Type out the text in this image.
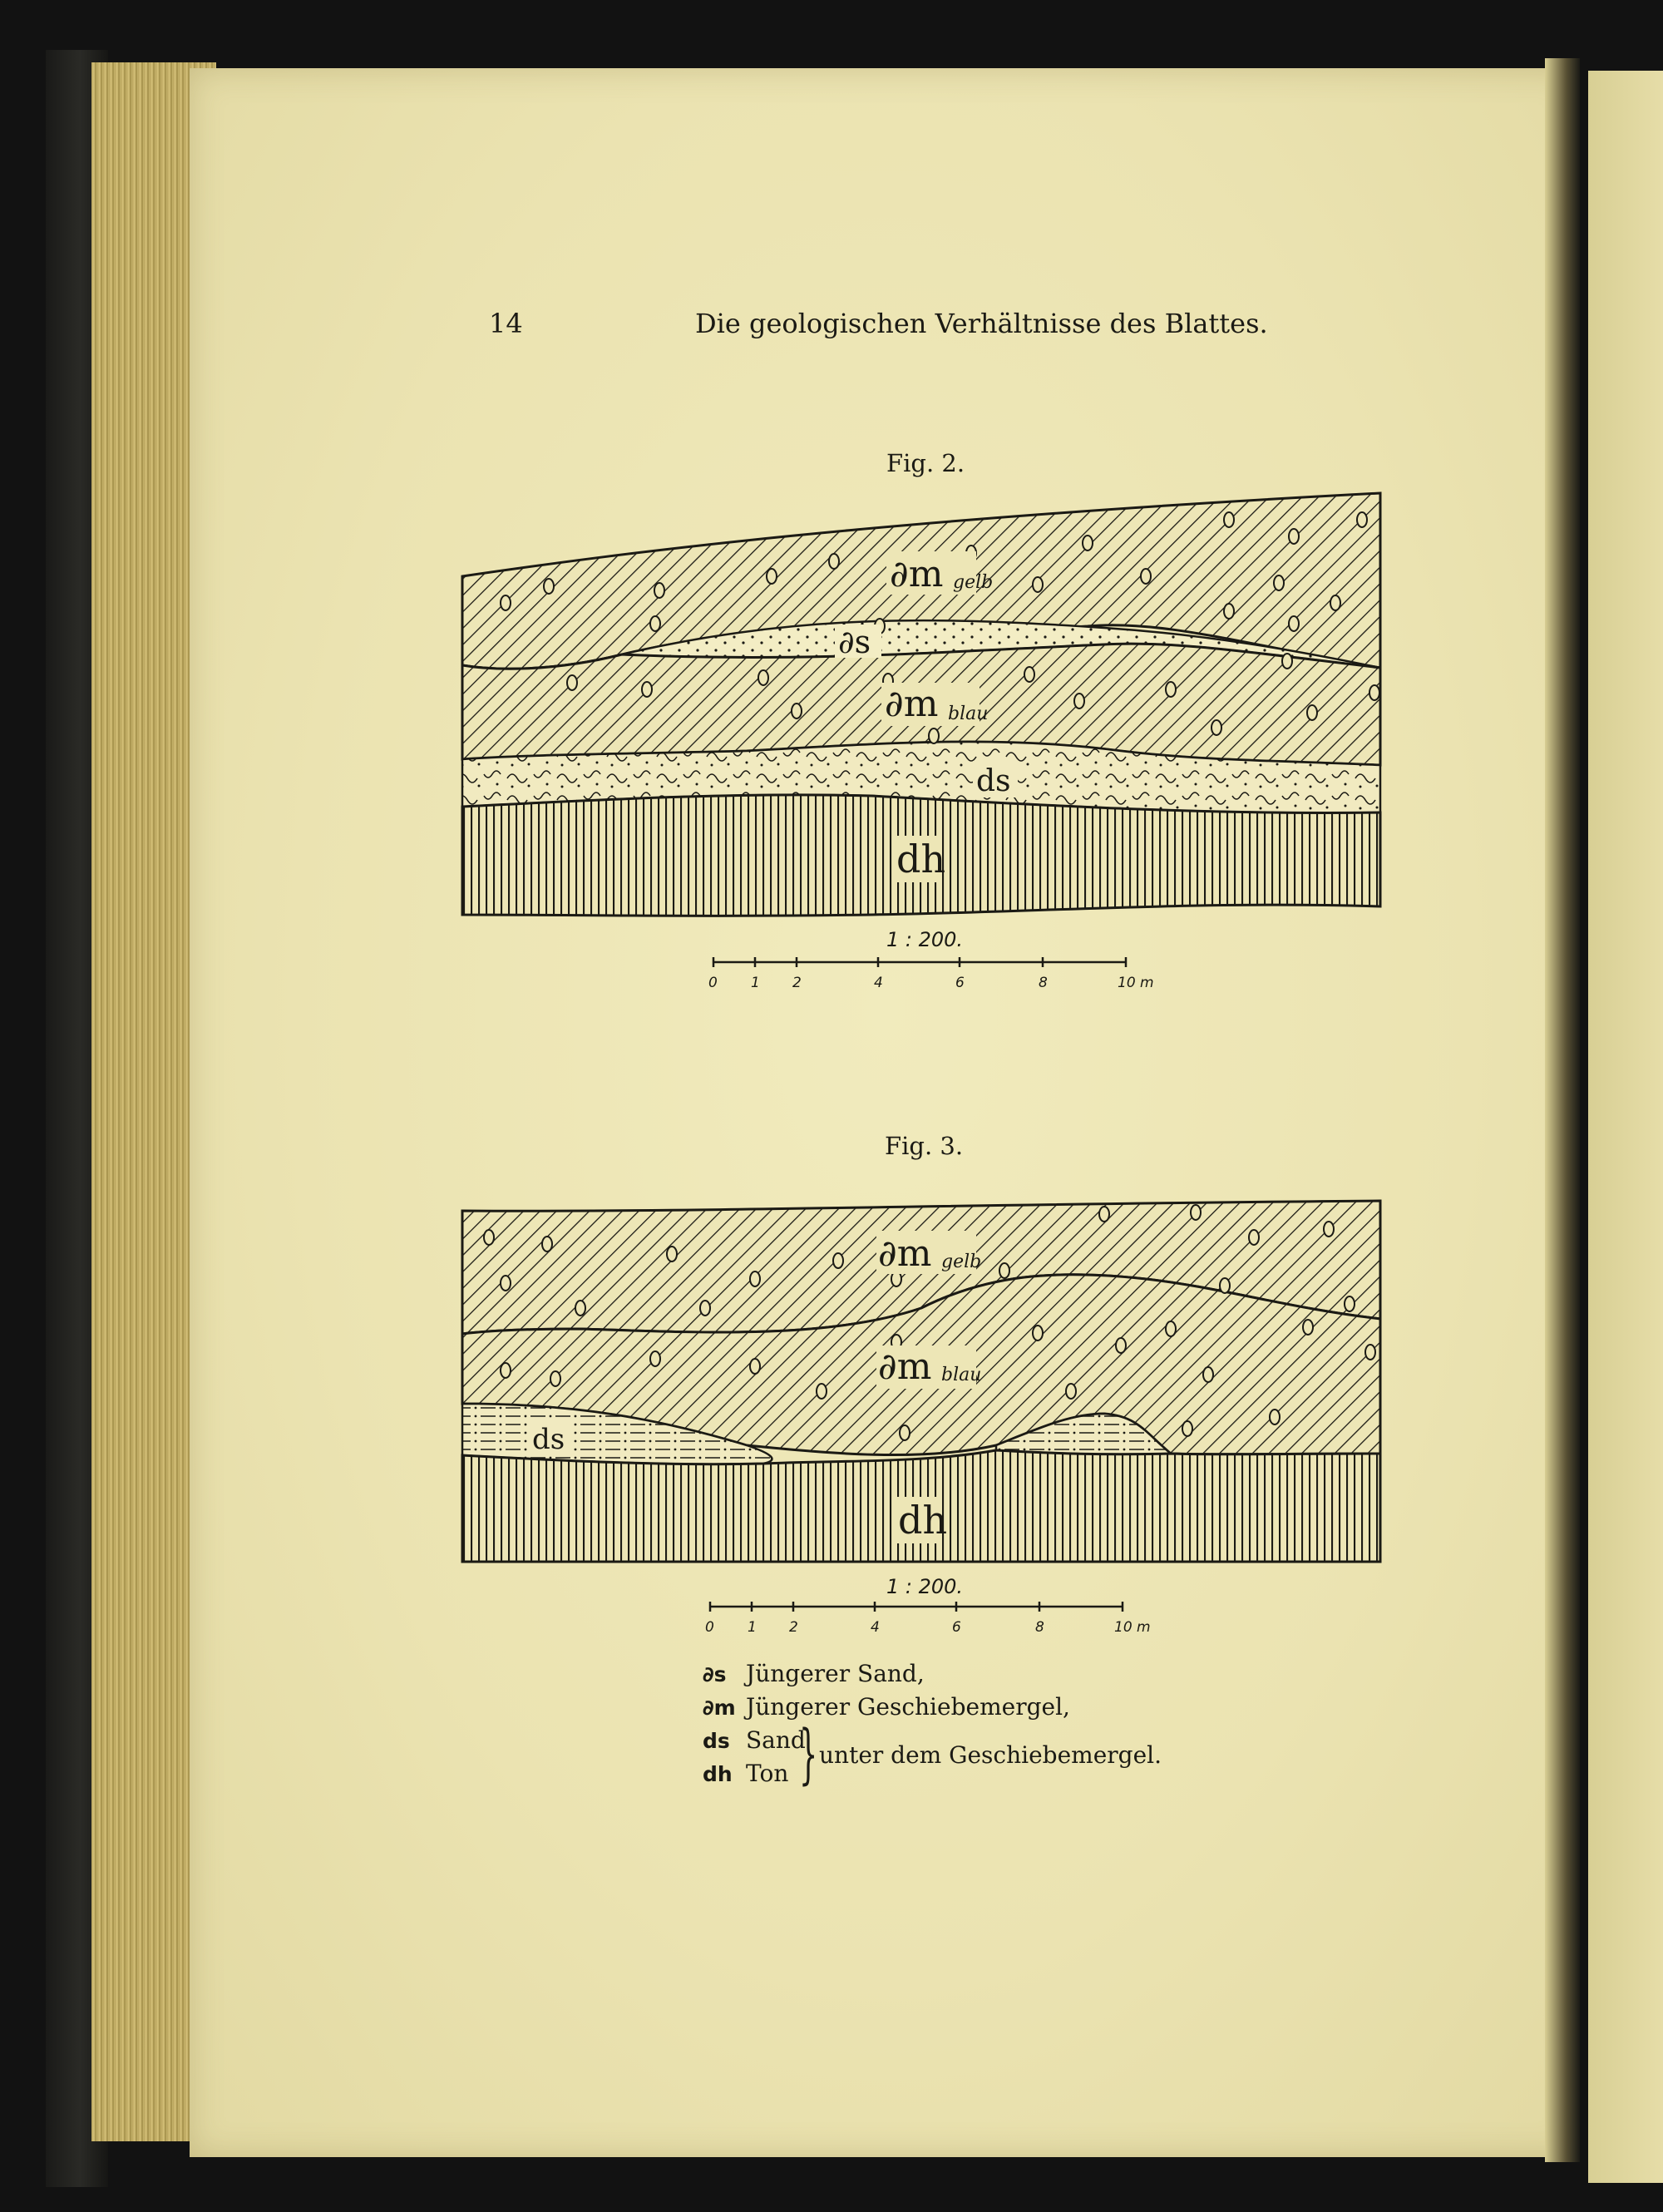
14	Die geologischen Verhältnisse des Blattes.
Fig. 2.
∂m gelb
∂s
∂m blau
ds
dh
1 : 200.
0 1 2	4	6	8	10 m
Fig. 3.
∂m gelb
∂m blau
ds
dh
1 : 200.
0 1 2	4	6	8	10 m
∂s Jüngerer Sand,
∂m Jüngerer Geschiebemergel,
ds Sand
dh Ton } unter dem Geschiebemergel.
